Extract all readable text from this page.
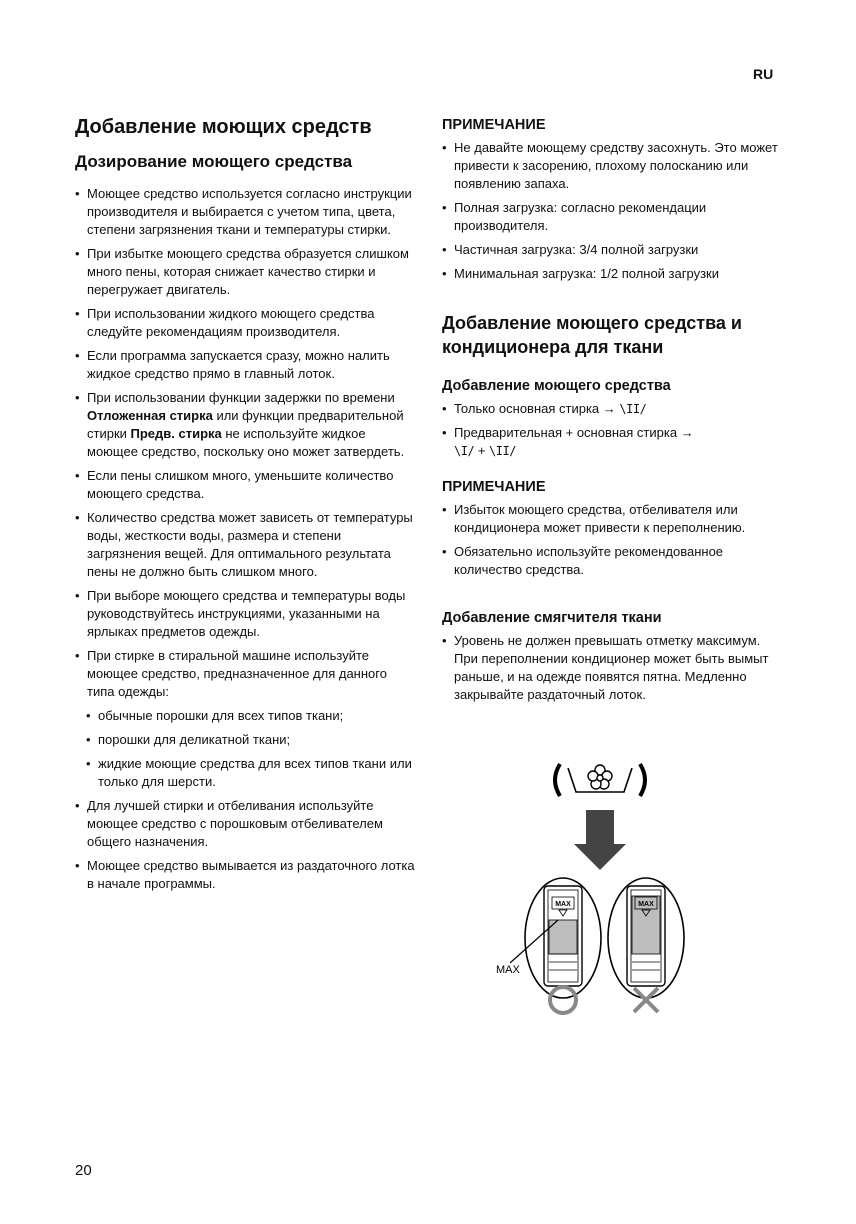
RU
Добавление моющих средств
Дозирование моющего средства
• Моющее средство используется согласно инструкции производителя и выбирается с учетом типа, цвета, степени загрязнения ткани и температуры стирки.
• При избытке моющего средства образуется слишком много пены, которая снижает качество стирки и перегружает двигатель.
• При использовании жидкого моющего средства следуйте рекомендациям производителя.
• Если программа запускается сразу, можно налить жидкое средство прямо в главный лоток.
• При использовании функции задержки по времени Отложенная стирка или функции предварительной стирки Предв. стирка не используйте жидкое моющее средство, поскольку оно может затвердеть.
• Если пены слишком много, уменьшите количество моющего средства.
• Количество средства может зависеть от температуры воды, жесткости воды, размера и степени загрязнения вещей. Для оптимального результата пены не должно быть слишком много.
• При выборе моющего средства и температуры воды руководствуйтесь инструкциями, указанными на ярлыках предметов одежды.
• При стирке в стиральной машине используйте моющее средство, предназначенное для данного типа одежды:
• обычные порошки для всех типов ткани;
• порошки для деликатной ткани;
• жидкие моющие средства для всех типов ткани или только для шерсти.
• Для лучшей стирки и отбеливания используйте моющее средство с порошковым отбеливателем общего назначения.
• Моющее средство вымывается из раздаточного лотка в начале программы.
ПРИМЕЧАНИЕ
• Не давайте моющему средству засохнуть. Это может привести к засорению, плохому полосканию или появлению запаха.
• Полная загрузка: согласно рекомендации производителя.
• Частичная загрузка: 3/4 полной загрузки
• Минимальная загрузка: 1/2 полной загрузки
Добавление моющего средства и кондиционера для ткани
Добавление моющего средства
• Только основная стирка → \II/
• Предварительная + основная стирка →
\I/ + \II/
ПРИМЕЧАНИЕ
• Избыток моющего средства, отбеливателя или кондиционера может привести к переполнению.
• Обязательно используйте рекомендованное количество средства.
Добавление смягчителя ткани
• Уровень не должен превышать отметку максимум. При переполнении кондиционер может быть вымыт раньше, и на одежде появятся пятна. Медленно закрывайте раздаточный лоток.
MAX
MAX
MAX
20
